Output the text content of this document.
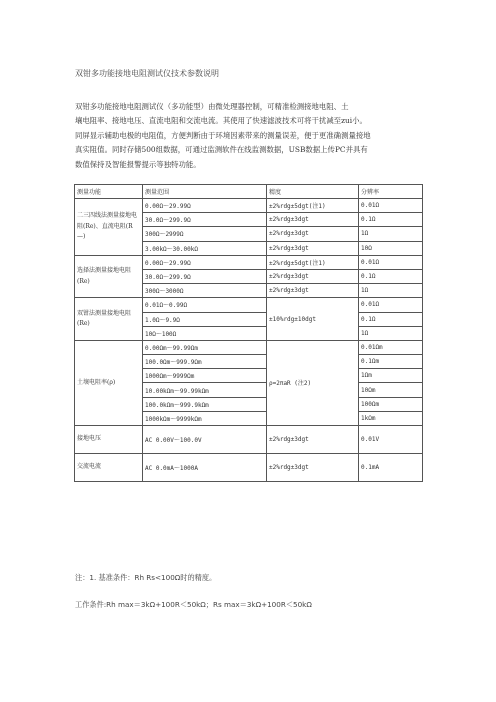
双钳多功能接地电阻测试仪技术参数说明
双钳多功能接地电阻测试仪（多功能型）由微处理器控制，可精准检测接地电阻、土
壤电阻率、接地电压、直流电阻和交流电流。其使用了快速滤波技术可将干扰减至zui小。
同屏显示辅助电极的电阻值，方便判断由于环境因素带来的测量误差，便于更准确测量接地
真实阻值。同时存储500组数据，可通过监测软件在线监测数据，USB数据上传PC并具有
数值保持及智能报警提示等独特功能。
测量功能	测量范围	精度	分辨率
二三四线法测量接地电阻(Re)、直流电阻(R—)	0.00Ω～29.99Ω	±2%rdg±5dgt(注1)	0.01Ω
	30.0Ω～299.9Ω	±2%rdg±3dgt	0.1Ω
	300Ω～2999Ω	±2%rdg±3dgt	1Ω
	3.00kΩ～30.00kΩ	±2%rdg±3dgt	10Ω
选择法测量接地电阻(Re)	0.00Ω～29.99Ω	±2%rdg±5dgt(注1)	0.01Ω
	30.0Ω～299.9Ω	±2%rdg±3dgt	0.1Ω
	300Ω～3000Ω	±2%rdg±3dgt	1Ω
双钳法测量接地电阻(Re)	0.01Ω～0.99Ω	±10%rdg±10dgt	0.01Ω
	1.0Ω～9.9Ω		0.1Ω
	10Ω～100Ω		1Ω
土壤电阻率(ρ)	0.00Ωm～99.99Ωm	ρ=2πaR (注2)	0.01Ωm
	100.0Ωm～999.9Ωm		0.1Ωm
	1000Ωm～9999Ωm		1Ωm
	10.00kΩm～99.99kΩm		10Ωm
	100.0kΩm～999.9kΩm		100Ωm
	1000kΩm～9999kΩm		1kΩm
接地电压	AC 0.00V～100.0V	±2%rdg±3dgt	0.01V
交流电流	AC 0.0mA～1000A	±2%rdg±3dgt	0.1mA
注：1. 基准条件：Rh Rs<100Ω时的精度。
工作条件:Rh max＝3kΩ+100R＜50kΩ；Rs max＝3kΩ+100R＜50kΩ
